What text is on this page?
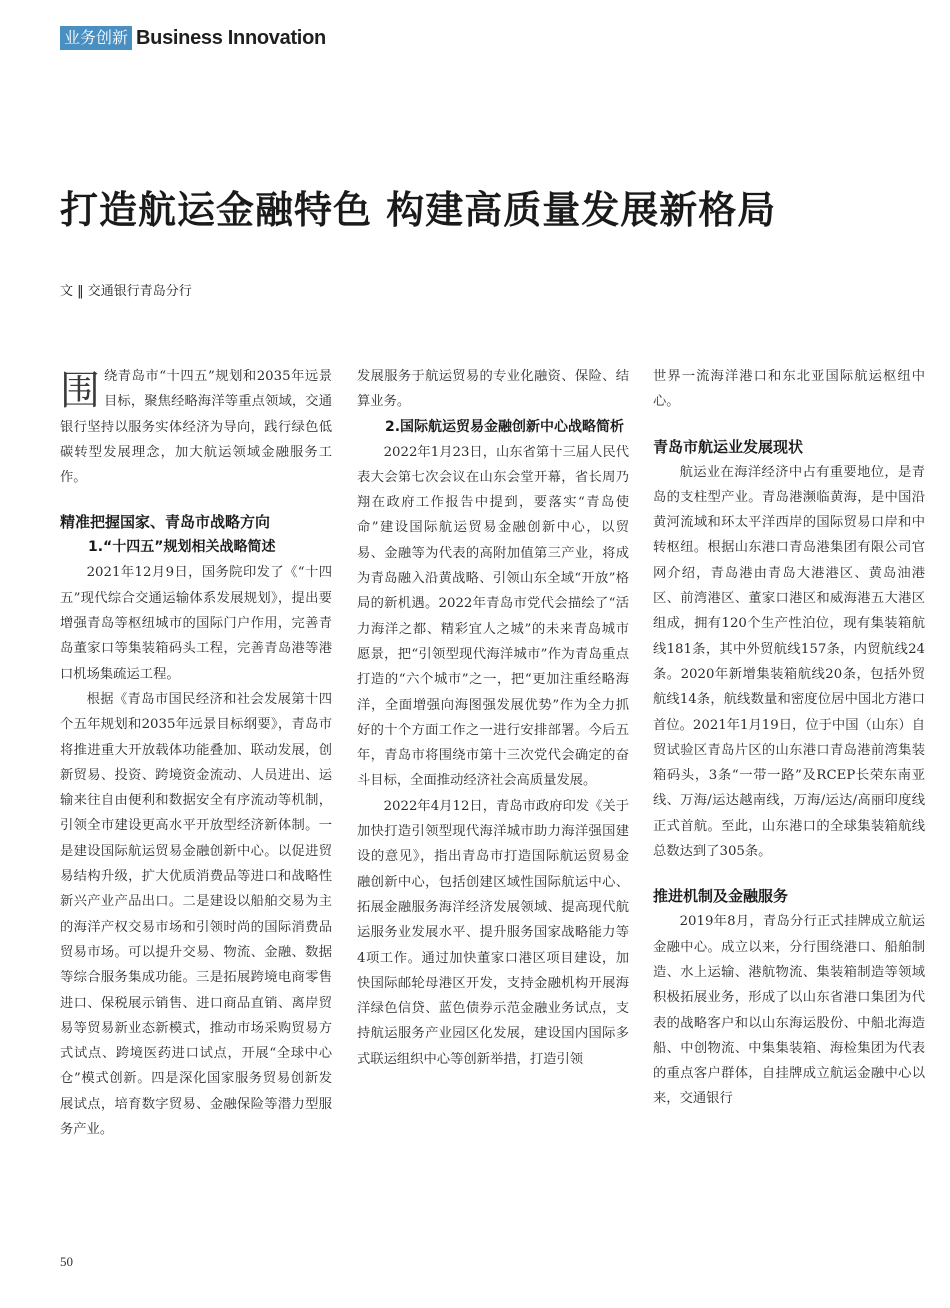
业务创新 Business Innovation
打造航运金融特色 构建高质量发展新格局
文 ‖ 交通银行青岛分行

围绕青岛市“十四五”规划和2035年远景目标，聚焦经略海洋等重点领域，交通银行坚持以服务实体经济为导向，践行绿色低碳转型发展理念，加大航运领域金融服务工作。

精准把握国家、青岛市战略方向
1.“十四五”规划相关战略简述

2021年12月9日，国务院印发了《“十四五”现代综合交通运输体系发展规划》，提出要增强青岛等枢纽城市的国际门户作用，完善青岛董家口等集装箱码头工程，完善青岛港等港口机场集疏运工程。

根据《青岛市国民经济和社会发展第十四个五年规划和2035年远景目标纲要》，青岛市将推进重大开放载体功能叠加、联动发展，创新贸易、投资、跨境资金流动、人员进出、运输来往自由便利和数据安全有序流动等机制，引领全市建设更高水平开放型经济新体制。一是建设国际航运贸易金融创新中心。以促进贸易结构升级，扩大优质消费品等进口和战略性新兴产业产品出口。二是建设以船舶交易为主的海洋产权交易市场和引领时尚的国际消费品贸易市场。可以提升交易、物流、金融、数据等综合服务集成功能。三是拓展跨境电商零售进口、保税展示销售、进口商品直销、离岸贸易等贸易新业态新模式，推动市场采购贸易方式试点、跨境医药进口试点，开展“全球中心仓”模式创新。四是深化国家服务贸易创新发展试点，培育数字贸易、金融保险等潜力型服务产业。

发展服务于航运贸易的专业化融资、保险、结算业务。

2.国际航运贸易金融创新中心战略简析

2022年1月23日，山东省第十三届人民代表大会第七次会议在山东会堂开幕，省长周乃翔在政府工作报告中提到，要落实“青岛使命”建设国际航运贸易金融创新中心，以贸易、金融等为代表的高附加值第三产业，将成为青岛融入沿黄战略、引领山东全域“开放”格局的新机遇。2022年青岛市党代会描绘了“活力海洋之都、精彩宜人之城”的未来青岛城市愿景，把“引领型现代海洋城市”作为青岛重点打造的“六个城市”之一，把“更加注重经略海洋，全面增强向海图强发展优势”作为全力抓好的十个方面工作之一进行安排部署。今后五年，青岛市将围绕市第十三次党代会确定的奋斗目标，全面推动经济社会高质量发展。

2022年4月12日，青岛市政府印发《关于加快打造引领型现代海洋城市助力海洋强国建设的意见》，指出青岛市打造国际航运贸易金融创新中心，包括创建区域性国际航运中心、拓展金融服务海洋经济发展领域、提高现代航运服务业发展水平、提升服务国家战略能力等4项工作。通过加快董家口港区项目建设，加快国际邮轮母港区开发，支持金融机构开展海洋绿色信贷、蓝色债券示范金融业务试点，支持航运服务产业园区化发展，建设国内国际多式联运组织中心等创新举措，打造引领

世界一流海洋港口和东北亚国际航运枢纽中心。

青岛市航运业发展现状

航运业在海洋经济中占有重要地位，是青岛的支柱型产业。青岛港濒临黄海，是中国沿黄河流域和环太平洋西岸的国际贸易口岸和中转枢纽。根据山东港口青岛港集团有限公司官网介绍，青岛港由青岛大港港区、黄岛油港区、前湾港区、董家口港区和威海港五大港区组成，拥有120个生产性泊位，现有集装箱航线181条，其中外贸航线157条，内贸航线24条。2020年新增集装箱航线20条，包括外贸航线14条，航线数量和密度位居中国北方港口首位。2021年1月19日，位于中国（山东）自贸试验区青岛片区的山东港口青岛港前湾集装箱码头，3条“一带一路”及RCEP长荣东南亚线、万海/运达越南线，万海/运达/高丽印度线正式首航。至此，山东港口的全球集装箱航线总数达到了305条。

推进机制及金融服务

2019年8月，青岛分行正式挂牌成立航运金融中心。成立以来，分行围绕港口、船舶制造、水上运输、港航物流、集装箱制造等领域积极拓展业务，形成了以山东省港口集团为代表的战略客户和以山东海运股份、中船北海造船、中创物流、中集集装箱、海检集团为代表的重点客户群体，自挂牌成立航运金融中心以来，交通银行

50
